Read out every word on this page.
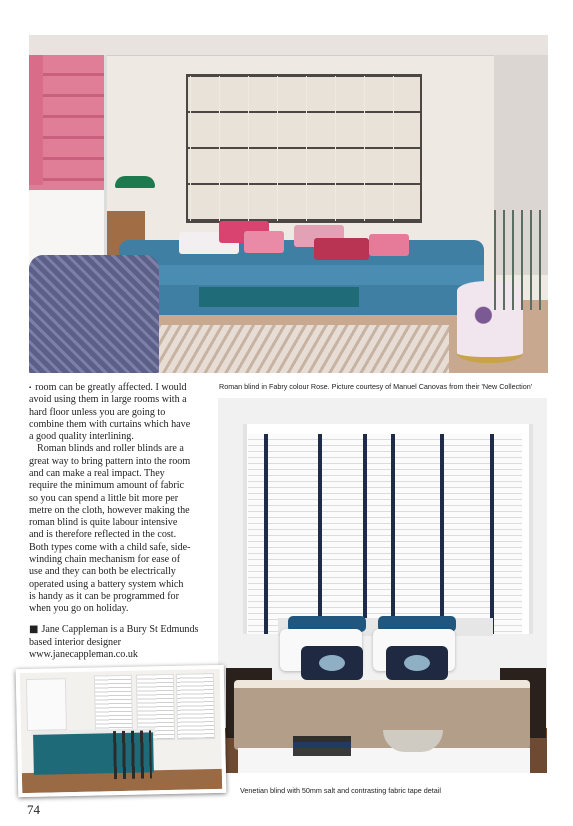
Roman blind in Fabry colour Rose. Picture courtesy of Manuel Canovas from their 'New Collection'

▪ room can be greatly affected. I would avoid using them in large rooms with a hard floor unless you are going to combine them with curtains which have a good quality interlining.

Roman blinds and roller blinds are a great way to bring pattern into the room and can make a real impact. They require the minimum amount of fabric so you can spend a little bit more per metre on the cloth, however making the roman blind is quite labour intensive and is therefore reflected in the cost. Both types come with a child safe, side-winding chain mechanism for ease of use and they can both be electrically operated using a battery system which is handy as it can be programmed for when you go on holiday.

■ Jane Cappleman is a Bury St Edmunds based interior designer

www.janecappleman.co.uk

Venetian blind with 50mm salt and contrasting fabric tape detail
74
